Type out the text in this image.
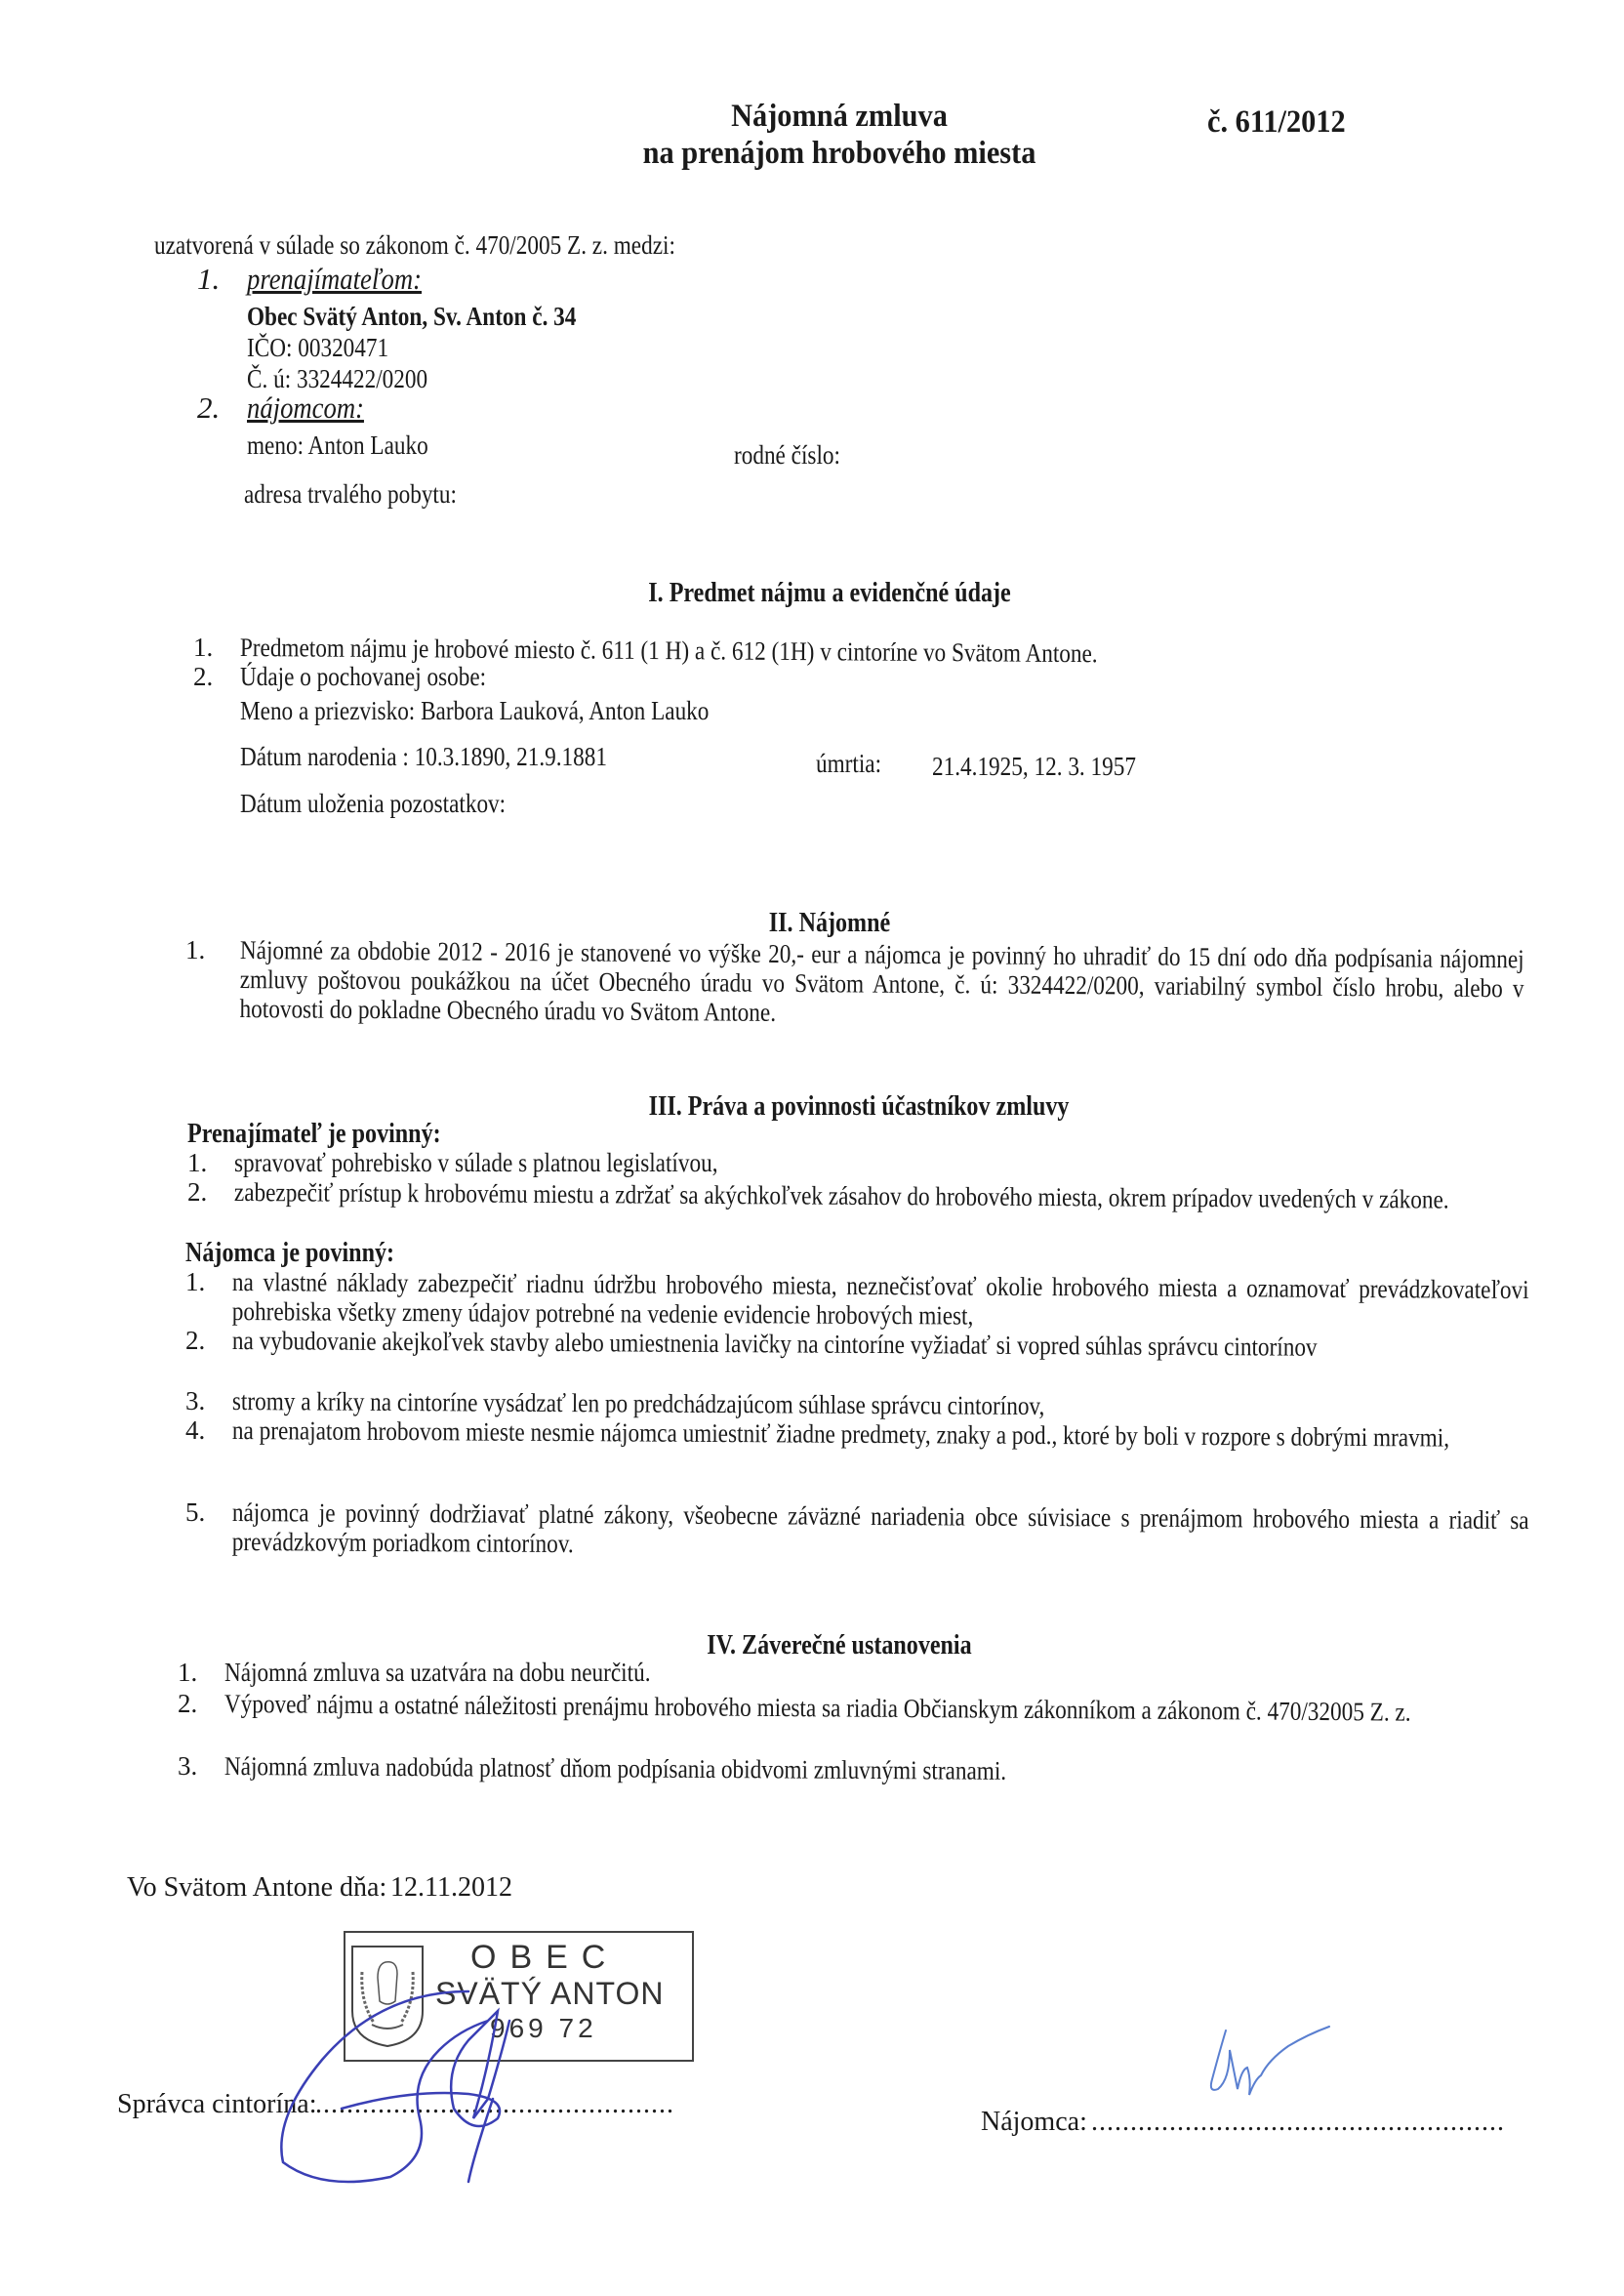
Nájomná zmluva
na prenájom hrobového miesta
č. 611/2012
uzatvorená v súlade so zákonom č. 470/2005 Z. z. medzi:
1. prenajímateľom:
Obec Svätý Anton, Sv. Anton č. 34
IČO: 00320471
Č. ú: 3324422/0200
2. nájomcom:
meno: Anton Lauko	rodné číslo:
adresa trvalého pobytu:
I. Predmet nájmu a evidenčné údaje
1. Predmetom nájmu je hrobové miesto č. 611 (1 H) a č. 612 (1H) v cintoríne vo Svätom Antone.
2. Údaje o pochovanej osobe:
Meno a priezvisko: Barbora Lauková, Anton Lauko
Dátum narodenia : 10.3.1890, 21.9.1881	úmrtia: 21.4.1925, 12. 3. 1957
Dátum uloženia pozostatkov:
II. Nájomné
1. Nájomné za obdobie 2012 - 2016 je stanovené vo výške 20,- eur a nájomca je povinný ho uhradiť do 15 dní odo dňa podpísania nájomnej zmluvy poštovou poukážkou na účet Obecného úradu vo Svätom Antone, č. ú: 3324422/0200, variabilný symbol číslo hrobu, alebo v hotovosti do pokladne Obecného úradu vo Svätom Antone.
III. Práva a povinnosti účastníkov zmluvy
Prenajímateľ je povinný:
1. spravovať pohrebisko v súlade s platnou legislatívou,
2. zabezpečiť prístup k hrobovému miestu a zdržať sa akýchkoľvek zásahov do hrobového miesta, okrem prípadov uvedených v zákone.
Nájomca je povinný:
1. na vlastné náklady zabezpečiť riadnu údržbu hrobového miesta, neznečisťovať okolie hrobového miesta a oznamovať prevádzkovateľovi pohrebiska všetky zmeny údajov potrebné na vedenie evidencie hrobových miest,
2. na vybudovanie akejkoľvek stavby alebo umiestnenia lavičky na cintoríne vyžiadať si vopred súhlas správcu cintorínov
3. stromy a kríky na cintoríne vysádzať len po predchádzajúcom súhlase správcu cintorínov,
4. na prenajatom hrobovom mieste nesmie nájomca umiestniť žiadne predmety, znaky a pod., ktoré by boli v rozpore s dobrými mravmi,
5. nájomca je povinný dodržiavať platné zákony, všeobecne záväzné nariadenia obce súvisiace s prenájmom hrobového miesta a riadiť sa prevádzkovým poriadkom cintorínov.
IV. Záverečné ustanovenia
1. Nájomná zmluva sa uzatvára na dobu neurčitú.
2. Výpoveď nájmu a ostatné náležitosti prenájmu hrobového miesta sa riadia Občianskym zákonníkom a zákonom č. 470/32005 Z. z.
3. Nájomná zmluva nadobúda platnosť dňom podpísania obidvomi zmluvnými stranami.
Vo Svätom Antone dňa: 12.11.2012
OBEC
SVÄTÝ ANTON
969 72
Správca cintorína:
..............................................
Nájomca: .....................................................
